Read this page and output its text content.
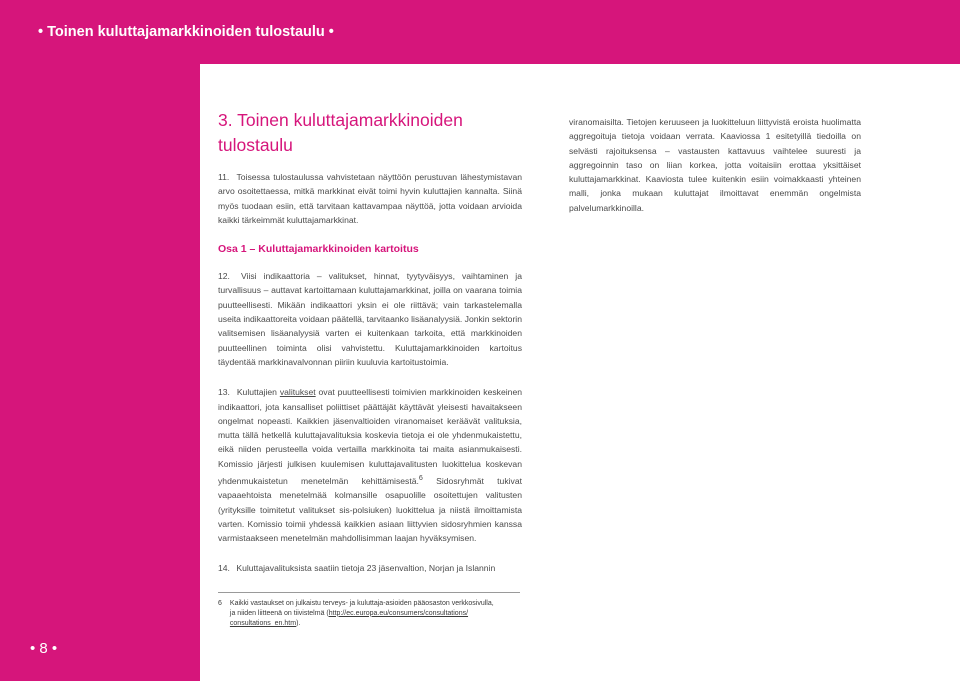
• Toinen kuluttajamarkkinoiden tulostaulu •
• 8 •
3. Toinen kuluttajamarkkinoiden tulostaulu

11. Toisessa tulostaulussa vahvistetaan näyttöön perustuvan lähestymistavan arvo osoitettaessa, mitkä markkinat eivät toimi hyvin kuluttajien kannalta. Siinä myös tuodaan esiin, että tarvitaan kattavampaa näyttöä, jotta voidaan arvioida kaikki tärkeimmät kuluttajamarkkinat.

Osa 1 – Kuluttajamarkkinoiden kartoitus

12. Viisi indikaattoria – valitukset, hinnat, tyytyväisyys, vaihtaminen ja turvallisuus – auttavat kartoittamaan kuluttajamarkkinat, joilla on vaarana toimia puutteellisesti. Mikään indikaattori yksin ei ole riittävä; vain tarkastelemalla useita indikaattoreita voidaan päätellä, tarvitaanko lisäanalyysiä. Jonkin sektorin valitsemisen lisäanalyysiä varten ei kuitenkaan tarkoita, että markkinoiden puutteellinen toiminta olisi vahvistettu. Kuluttajamarkkinoiden kartoitus täydentää markkinavalvonnan piiriin kuuluvia kartoitustoimia.

13. Kuluttajien valitukset ovat puutteellisesti toimivien markkinoiden keskeinen indikaattori, jota kansalliset poliittiset päättäjät käyttävät yleisesti havaitakseen ongelmat nopeasti. Kaikkien jäsenvaltioiden viranomaiset keräävät valituksia, mutta tällä hetkellä kuluttajavalituksia koskevia tietoja ei ole yhdenmukaistettu, eikä niiden perusteella voida vertailla markkinoita tai maita asianmukaisesti. Komissio järjesti julkisen kuulemisen kuluttajavalitusten luokittelua koskevan yhdenmukaistetun menetelmän kehittämisestä.$^6$ Sidosryhmät tukivat vapaaehtoista menetelmää kolmansille osapuolille osoitettujen valitusten (yrityksille toimitetut valitukset sis-polsiuken) luokittelua ja niistä ilmoittamista varten. Komissio toimii yhdessä kaikkien asiaan liittyvien sidosryhmien kanssa varmistaakseen menetelmän mahdollisimman laajan hyväksymisen.

14. Kuluttajavalituksista saatiin tietoja 23 jäsenvaltion, Norjan ja Islannin

6 Kaikki vastaukset on julkaistu terveys- ja kuluttaja-asioiden pääosaston verkkosivulla,
ja niiden liitteenä on tiivistelmä (http://ec.europa.eu/consumers/consultations/ consultations_en.htm).

viranomaisilta. Tietojen keruuseen ja luokitteluun liittyvistä eroista huolimatta aggregoituja tietoja voidaan verrata. Kaaviossa 1 esitetyillä tiedoilla on selvästi rajoituksensa – vastausten kattavuus vaihtelee suuresti ja aggregoinnin taso on liian korkea, jotta voitaisiin erottaa yksittäiset kuluttajamarkkinat. Kaaviosta tulee kuitenkin esiin voimakkaasti yhteinen malli, jonka mukaan kuluttajat ilmoittavat enemmän ongelmista palvelumarkkinoilla.
